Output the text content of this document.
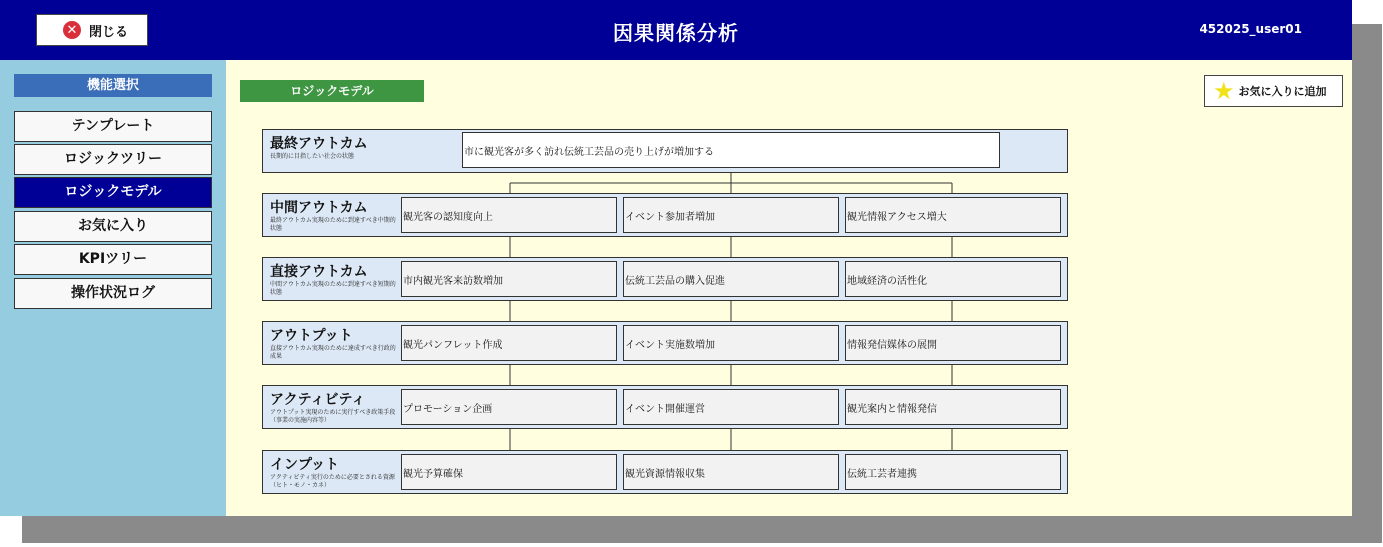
✕ 閉じる	因果関係分析	452025_user01
機能選択
テンプレート
ロジックツリー
ロジックモデル
お気に入り
KPIツリー
操作状況ログ
ロジックモデル	★ お気に入りに追加
最終アウトカム
長期的に目指したい社会の状態	市に観光客が多く訪れ伝統工芸品の売り上げが増加する
中間アウトカム
最終アウトカム実現のために到達すべき中期的状態
観光客の認知度向上	イベント参加者増加	観光情報アクセス増大
直接アウトカム
中間アウトカム実現のために到達すべき短期的状態
市内観光客来訪数増加	伝統工芸品の購入促進	地域経済の活性化
アウトプット
直接アウトカム実現のために達成すべき行政的成果
観光パンフレット作成	イベント実施数増加	情報発信媒体の展開
アクティビティ
アウトプット実現のために実行すべき政策手段（事業の実施内容等）
プロモーション企画	イベント開催運営	観光案内と情報発信
インプット
アクティビティ実行のために必要とされる資源（ヒト・モノ・カネ）
観光予算確保	観光資源情報収集	伝統工芸者連携
